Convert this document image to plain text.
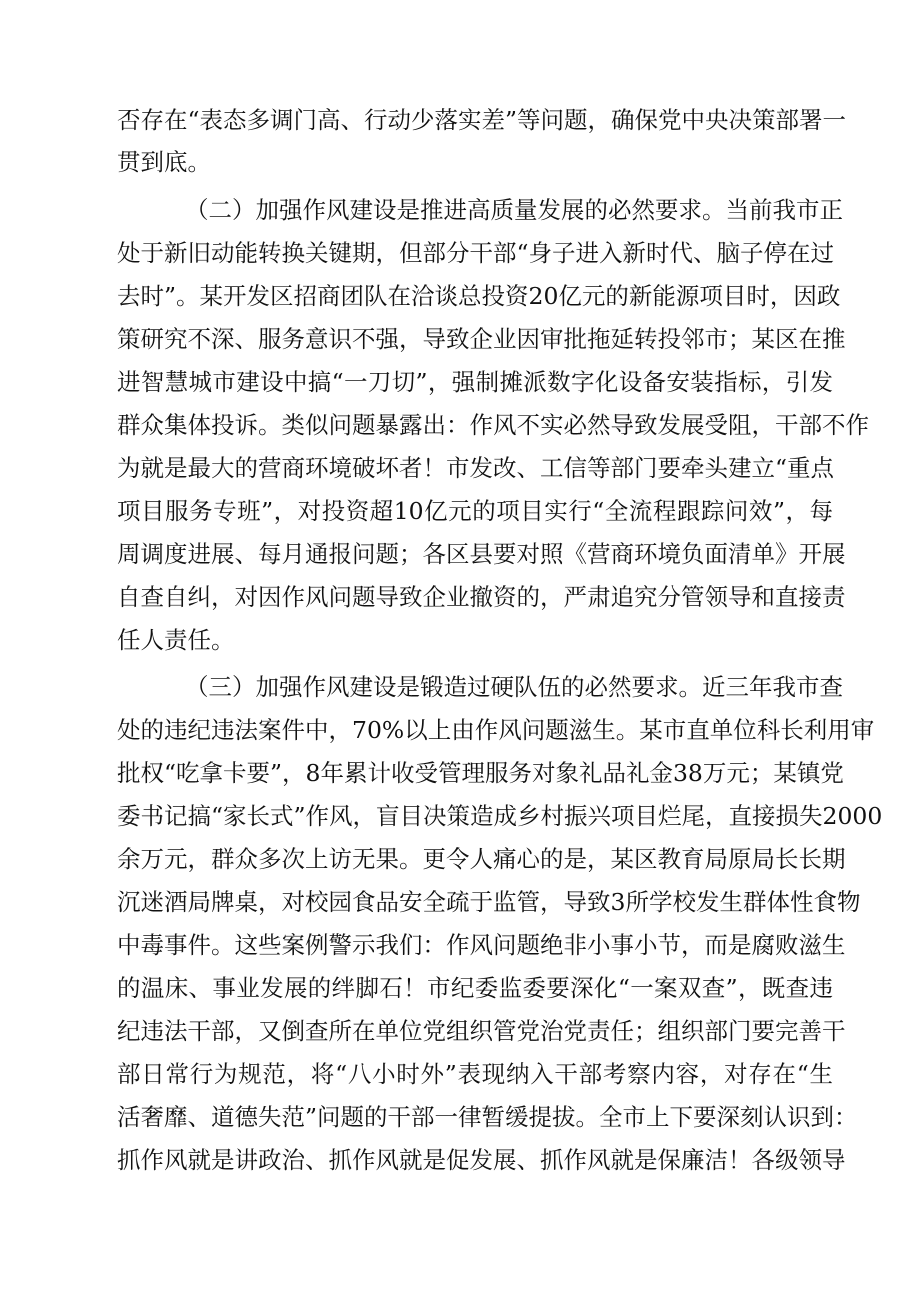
否存在“表态多调门高、行动少落实差”等问题，确保党中央决策部署一
贯到底。
（二）加强作风建设是推进高质量发展的必然要求。当前我市正
处于新旧动能转换关键期，但部分干部“身子进入新时代、脑子停在过
去时”。某开发区招商团队在洽谈总投资20亿元的新能源项目时，因政
策研究不深、服务意识不强，导致企业因审批拖延转投邻市；某区在推
进智慧城市建设中搞“一刀切”，强制摊派数字化设备安装指标，引发
群众集体投诉。类似问题暴露出：作风不实必然导致发展受阻，干部不作
为就是最大的营商环境破坏者！市发改、工信等部门要牵头建立“重点
项目服务专班”，对投资超10亿元的项目实行“全流程跟踪问效”，每
周调度进展、每月通报问题；各区县要对照《营商环境负面清单》开展
自查自纠，对因作风问题导致企业撤资的，严肃追究分管领导和直接责
任人责任。
（三）加强作风建设是锻造过硬队伍的必然要求。近三年我市查
处的违纪违法案件中，70%以上由作风问题滋生。某市直单位科长利用审
批权“吃拿卡要”，8年累计收受管理服务对象礼品礼金38万元；某镇党
委书记搞“家长式”作风，盲目决策造成乡村振兴项目烂尾，直接损失2000
余万元，群众多次上访无果。更令人痛心的是，某区教育局原局长长期
沉迷酒局牌桌，对校园食品安全疏于监管，导致3所学校发生群体性食物
中毒事件。这些案例警示我们：作风问题绝非小事小节，而是腐败滋生
的温床、事业发展的绊脚石！市纪委监委要深化“一案双查”，既查违
纪违法干部，又倒查所在单位党组织管党治党责任；组织部门要完善干
部日常行为规范，将“八小时外”表现纳入干部考察内容，对存在“生
活奢靡、道德失范”问题的干部一律暂缓提拔。全市上下要深刻认识到：
抓作风就是讲政治、抓作风就是促发展、抓作风就是保廉洁！各级领导
